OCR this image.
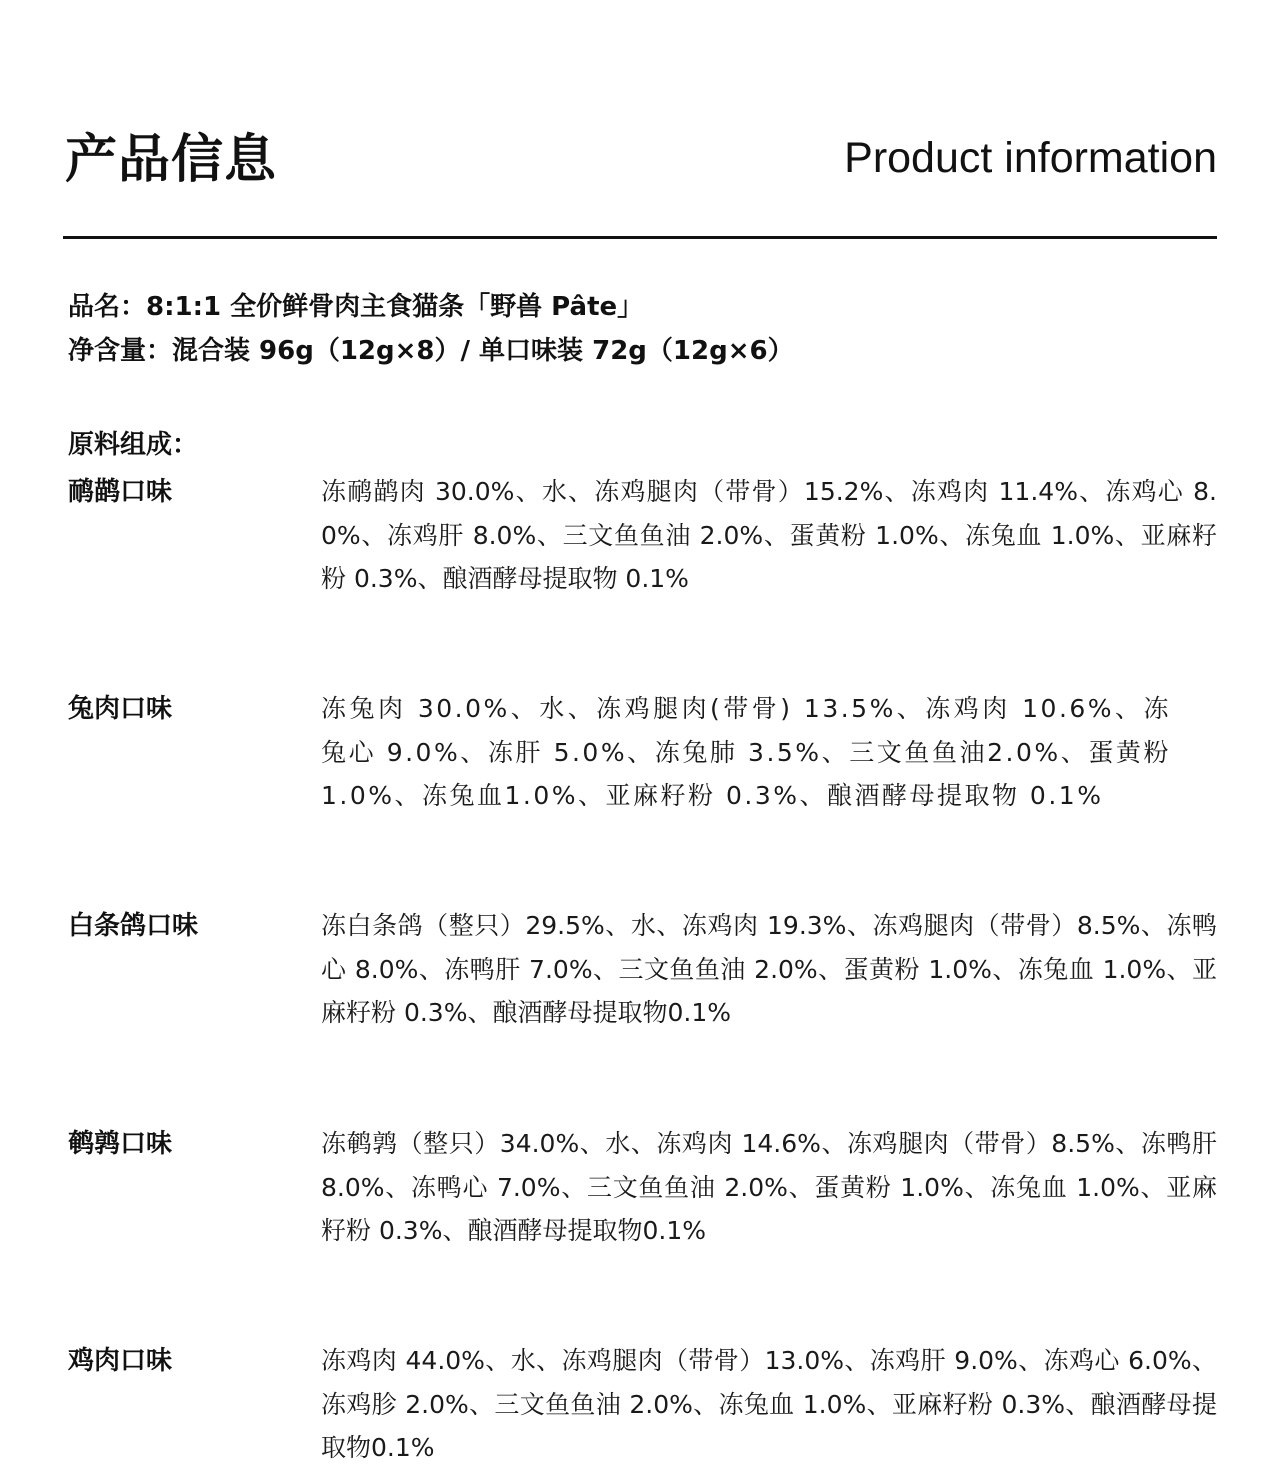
产品信息	Product information
品名：8:1:1 全价鲜骨肉主食猫条「野兽 Pâte」
净含量：混合装 96g（12g×8）/ 单口味装 72g（12g×6）
原料组成：
鸸鹋口味	冻鸸鹋肉 30.0%、水、冻鸡腿肉（带骨）15.2%、冻鸡肉 11.4%、冻鸡心 8.0%、冻鸡肝 8.0%、三文鱼鱼油 2.0%、蛋黄粉 1.0%、冻兔血 1.0%、亚麻籽粉 0.3%、酿酒酵母提取物 0.1%
兔肉口味	冻兔肉 30.0%、水、冻鸡腿肉(带骨) 13.5%、冻鸡肉 10.6%、冻兔心 9.0%、冻肝 5.0%、冻兔肺 3.5%、三文鱼鱼油2.0%、蛋黄粉 1.0%、冻兔血1.0%、亚麻籽粉 0.3%、酿酒酵母提取物 0.1%
白条鸽口味	冻白条鸽（整只）29.5%、水、冻鸡肉 19.3%、冻鸡腿肉（带骨）8.5%、冻鸭心 8.0%、冻鸭肝 7.0%、三文鱼鱼油 2.0%、蛋黄粉 1.0%、冻兔血 1.0%、亚麻籽粉 0.3%、酿酒酵母提取物0.1%
鹌鹑口味	冻鹌鹑（整只）34.0%、水、冻鸡肉 14.6%、冻鸡腿肉（带骨）8.5%、冻鸭肝 8.0%、冻鸭心 7.0%、三文鱼鱼油 2.0%、蛋黄粉 1.0%、冻兔血 1.0%、亚麻籽粉 0.3%、酿酒酵母提取物0.1%
鸡肉口味	冻鸡肉 44.0%、水、冻鸡腿肉（带骨）13.0%、冻鸡肝 9.0%、冻鸡心 6.0%、冻鸡胗 2.0%、三文鱼鱼油 2.0%、冻兔血 1.0%、亚麻籽粉 0.3%、酿酒酵母提取物0.1%
